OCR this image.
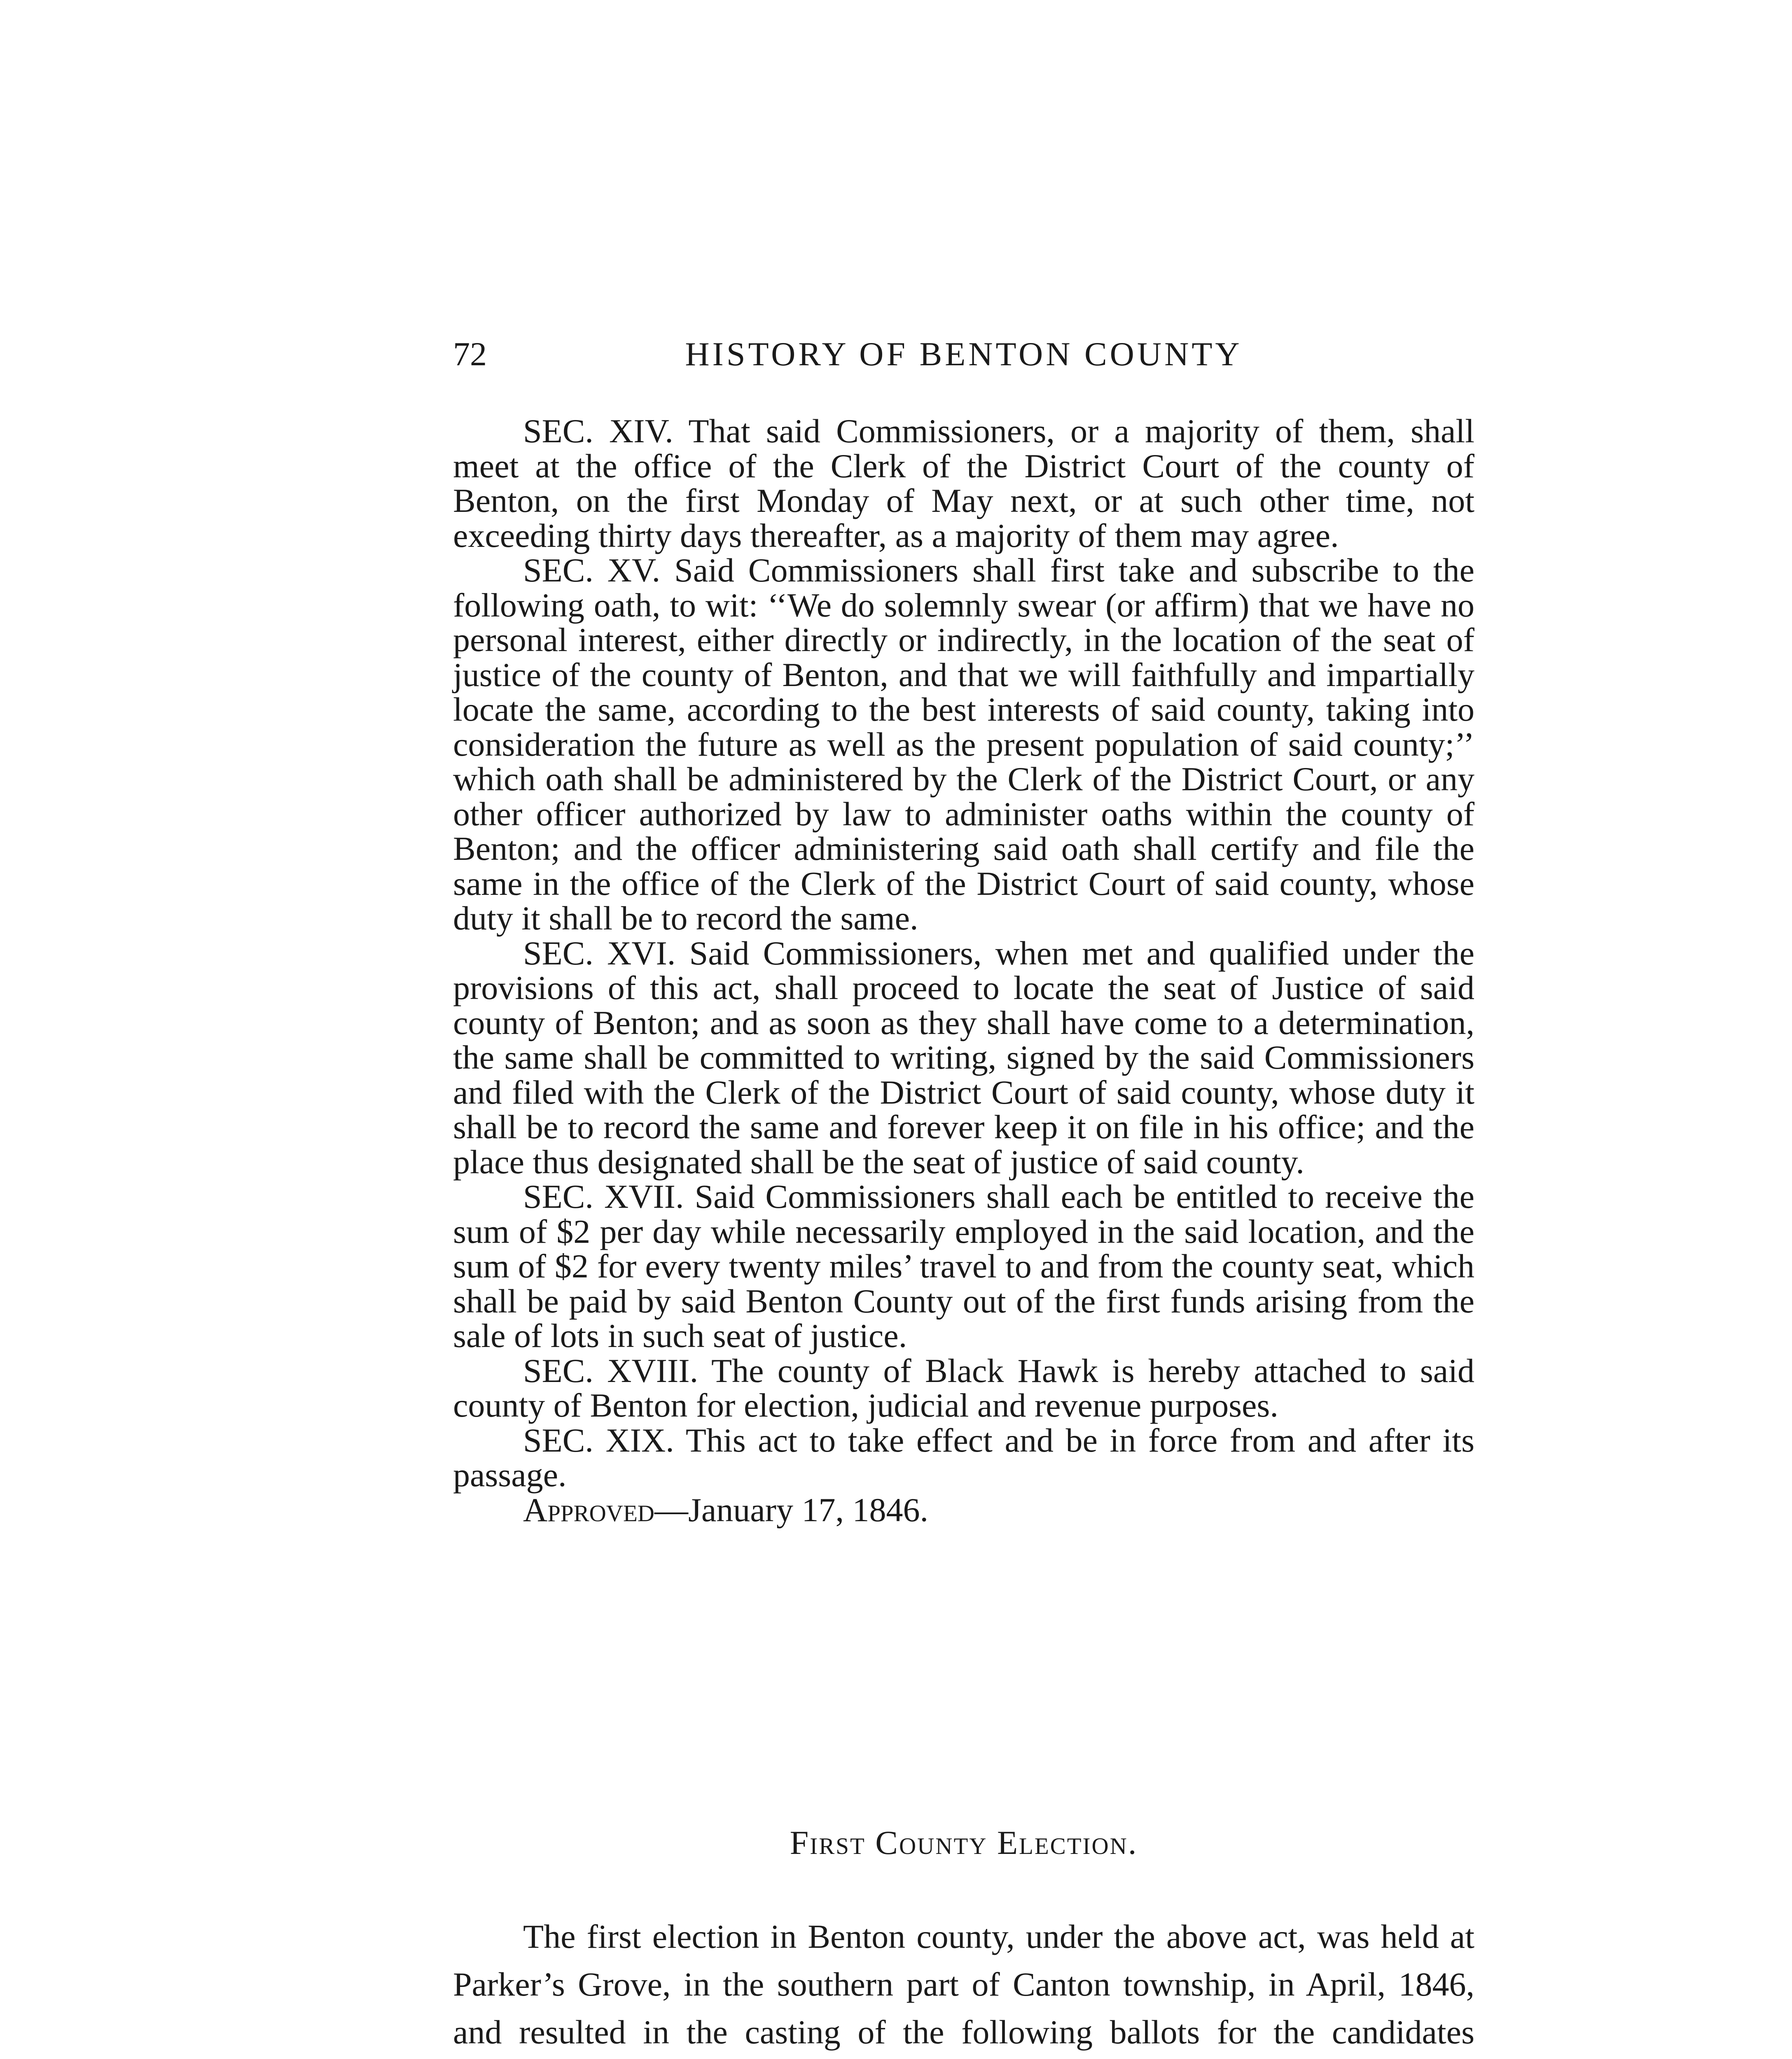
72	HISTORY OF BENTON COUNTY

SEC. XIV. That said Commissioners, or a majority of them, shall meet at the office of the Clerk of the District Court of the county of Benton, on the first Monday of May next, or at such other time, not exceeding thirty days thereafter, as a majority of them may agree.

SEC. XV. Said Commissioners shall first take and subscribe to the following oath, to wit: ‘‘We do solemnly swear (or affirm) that we have no personal interest, either directly or indirectly, in the location of the seat of justice of the county of Benton, and that we will faithfully and impartially locate the same, according to the best interests of said county, taking into consideration the future as well as the present population of said county;’’ which oath shall be administered by the Clerk of the District Court, or any other officer authorized by law to administer oaths within the county of Benton; and the officer administering said oath shall certify and file the same in the office of the Clerk of the District Court of said county, whose duty it shall be to record the same.

SEC. XVI. Said Commissioners, when met and qualified under the provisions of this act, shall proceed to locate the seat of Justice of said county of Benton; and as soon as they shall have come to a determination, the same shall be committed to writing, signed by the said Commissioners and filed with the Clerk of the District Court of said county, whose duty it shall be to record the same and forever keep it on file in his office; and the place thus designated shall be the seat of justice of said county.

SEC. XVII. Said Commissioners shall each be entitled to receive the sum of $2 per day while necessarily employed in the said location, and the sum of $2 for every twenty miles’ travel to and from the county seat, which shall be paid by said Benton County out of the first funds arising from the sale of lots in such seat of justice.

SEC. XVIII. The county of Black Hawk is hereby attached to said county of Benton for election, judicial and revenue purposes.

SEC. XIX. This act to take effect and be in force from and after its passage.

Approved—January 17, 1846.

First County Election.

The first election in Benton county, under the above act, was held at Parker’s Grove, in the southern part of Canton township, in April, 1846, and resulted in the casting of the following ballots for the candidates
